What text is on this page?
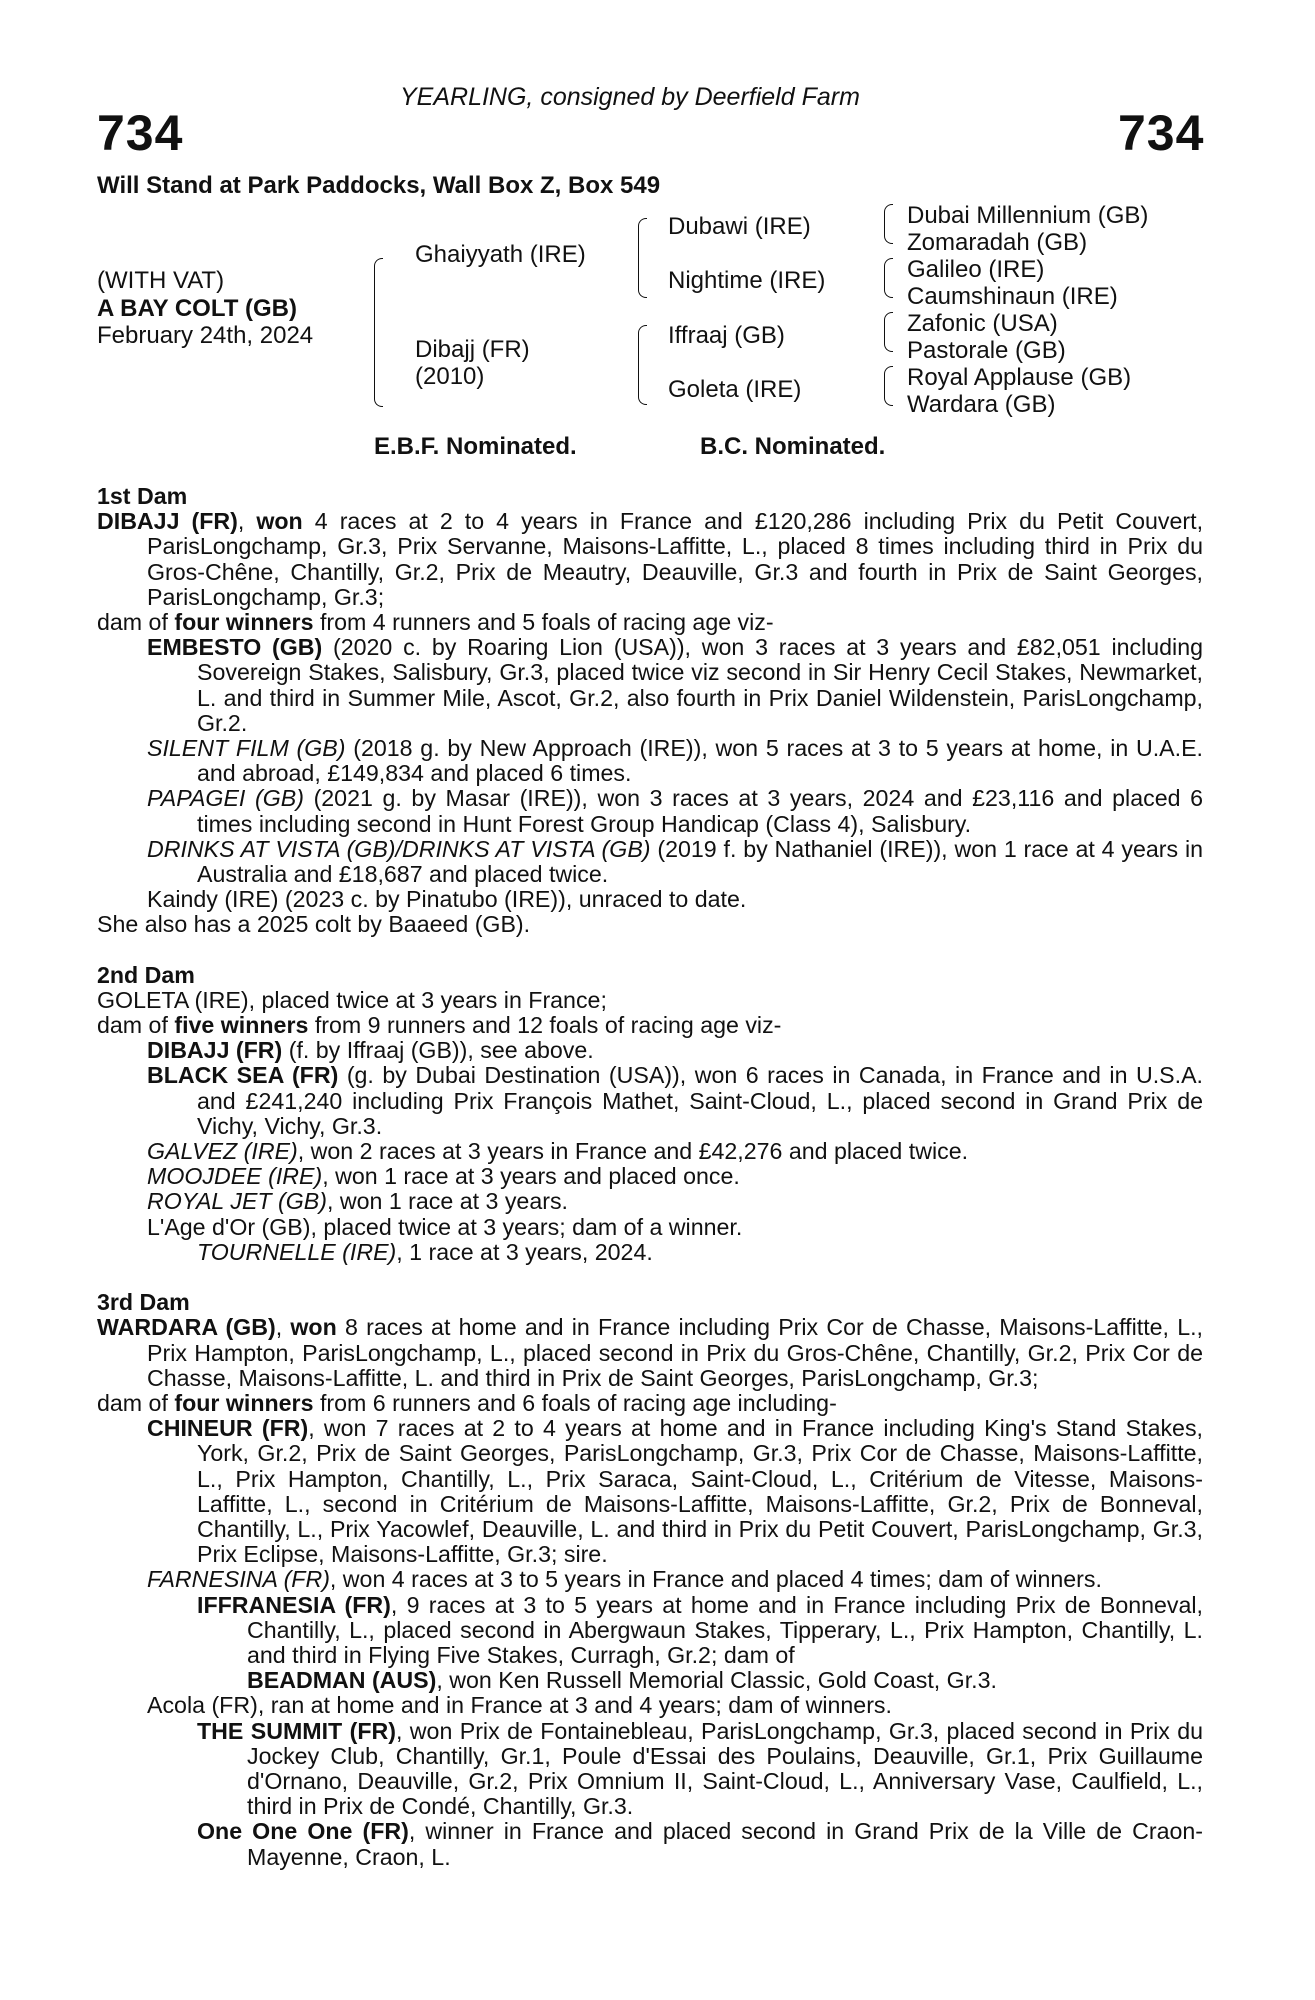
YEARLING, consigned by Deerfield Farm
734	734
Will Stand at Park Paddocks, Wall Box Z, Box 549
(WITH VAT)
A BAY COLT (GB)
February 24th, 2024
Ghaiyyath (IRE)
Dibajj (FR)
(2010)
Dubawi (IRE)
Nightime (IRE)
Iffraaj (GB)
Goleta (IRE)
Dubai Millennium (GB)
Zomaradah (GB)
Galileo (IRE)
Caumshinaun (IRE)
Zafonic (USA)
Pastorale (GB)
Royal Applause (GB)
Wardara (GB)
E.B.F. Nominated.	B.C. Nominated.

1st Dam

DIBAJJ (FR), won 4 races at 2 to 4 years in France and £120,286 including Prix du Petit Couvert, ParisLongchamp, Gr.3, Prix Servanne, Maisons-Laffitte, L., placed 8 times including third in Prix du Gros-Chêne, Chantilly, Gr.2, Prix de Meautry, Deauville, Gr.3 and fourth in Prix de Saint Georges, ParisLongchamp, Gr.3;

dam of four winners from 4 runners and 5 foals of racing age viz-

EMBESTO (GB) (2020 c. by Roaring Lion (USA)), won 3 races at 3 years and £82,051 including Sovereign Stakes, Salisbury, Gr.3, placed twice viz second in Sir Henry Cecil Stakes, Newmarket, L. and third in Summer Mile, Ascot, Gr.2, also fourth in Prix Daniel Wildenstein, ParisLongchamp, Gr.2.

SILENT FILM (GB) (2018 g. by New Approach (IRE)), won 5 races at 3 to 5 years at home, in U.A.E. and abroad, £149,834 and placed 6 times.

PAPAGEI (GB) (2021 g. by Masar (IRE)), won 3 races at 3 years, 2024 and £23,116 and placed 6 times including second in Hunt Forest Group Handicap (Class 4), Salisbury.

DRINKS AT VISTA (GB)/DRINKS AT VISTA (GB) (2019 f. by Nathaniel (IRE)), won 1 race at 4 years in Australia and £18,687 and placed twice.

Kaindy (IRE) (2023 c. by Pinatubo (IRE)), unraced to date.

She also has a 2025 colt by Baaeed (GB).

2nd Dam

GOLETA (IRE), placed twice at 3 years in France;

dam of five winners from 9 runners and 12 foals of racing age viz-

DIBAJJ (FR) (f. by Iffraaj (GB)), see above.

BLACK SEA (FR) (g. by Dubai Destination (USA)), won 6 races in Canada, in France and in U.S.A. and £241,240 including Prix François Mathet, Saint-Cloud, L., placed second in Grand Prix de Vichy, Vichy, Gr.3.

GALVEZ (IRE), won 2 races at 3 years in France and £42,276 and placed twice.

MOOJDEE (IRE), won 1 race at 3 years and placed once.

ROYAL JET (GB), won 1 race at 3 years.

L'Age d'Or (GB), placed twice at 3 years; dam of a winner.

TOURNELLE (IRE), 1 race at 3 years, 2024.

3rd Dam

WARDARA (GB), won 8 races at home and in France including Prix Cor de Chasse, Maisons-Laffitte, L., Prix Hampton, ParisLongchamp, L., placed second in Prix du Gros-Chêne, Chantilly, Gr.2, Prix Cor de Chasse, Maisons-Laffitte, L. and third in Prix de Saint Georges, ParisLongchamp, Gr.3;

dam of four winners from 6 runners and 6 foals of racing age including-

CHINEUR (FR), won 7 races at 2 to 4 years at home and in France including King's Stand Stakes, York, Gr.2, Prix de Saint Georges, ParisLongchamp, Gr.3, Prix Cor de Chasse, Maisons-Laffitte, L., Prix Hampton, Chantilly, L., Prix Saraca, Saint-Cloud, L., Critérium de Vitesse, Maisons-Laffitte, L., second in Critérium de Maisons-Laffitte, Maisons-Laffitte, Gr.2, Prix de Bonneval, Chantilly, L., Prix Yacowlef, Deauville, L. and third in Prix du Petit Couvert, ParisLongchamp, Gr.3, Prix Eclipse, Maisons-Laffitte, Gr.3; sire.

FARNESINA (FR), won 4 races at 3 to 5 years in France and placed 4 times; dam of winners.

IFFRANESIA (FR), 9 races at 3 to 5 years at home and in France including Prix de Bonneval, Chantilly, L., placed second in Abergwaun Stakes, Tipperary, L., Prix Hampton, Chantilly, L. and third in Flying Five Stakes, Curragh, Gr.2; dam of
BEADMAN (AUS), won Ken Russell Memorial Classic, Gold Coast, Gr.3.

Acola (FR), ran at home and in France at 3 and 4 years; dam of winners.

THE SUMMIT (FR), won Prix de Fontainebleau, ParisLongchamp, Gr.3, placed second in Prix du Jockey Club, Chantilly, Gr.1, Poule d'Essai des Poulains, Deauville, Gr.1, Prix Guillaume d'Ornano, Deauville, Gr.2, Prix Omnium II, Saint-Cloud, L., Anniversary Vase, Caulfield, L., third in Prix de Condé, Chantilly, Gr.3.

One One One (FR), winner in France and placed second in Grand Prix de la Ville de Craon-Mayenne, Craon, L.
